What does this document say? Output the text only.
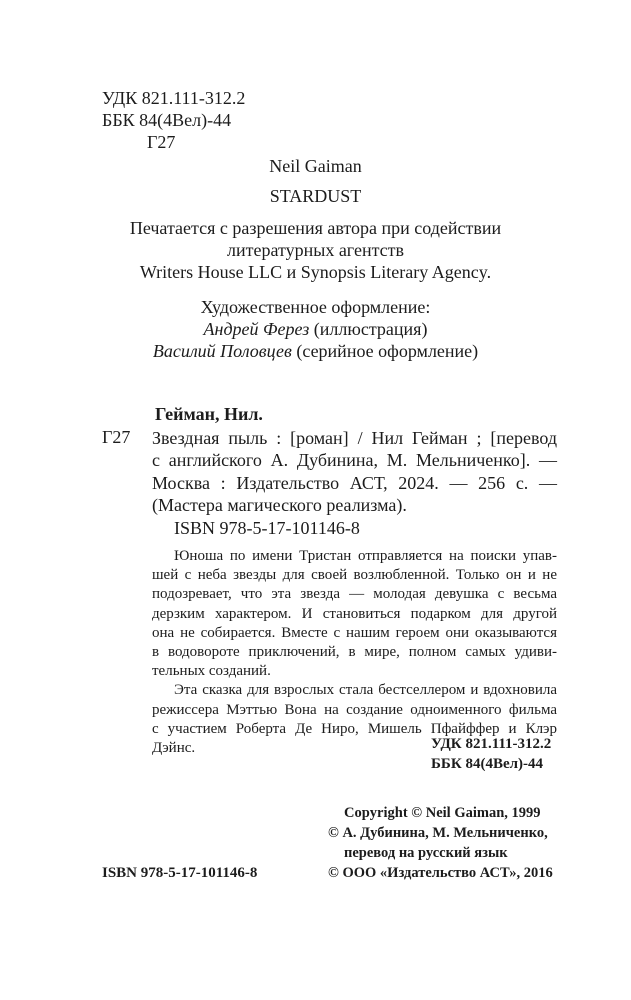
УДК 821.111-312.2
ББК 84(4Вел)-44
Г27
Neil Gaiman
STARDUST
Печатается с разрешения автора при содействии
литературных агентств
Writers House LLC и Synopsis Literary Agency.
Художественное оформление:
Андрей Ферез (иллюстрация)
Василий Половцев (серийное оформление)
Гейман, Нил.
Г27 Звездная пыль : [роман] / Нил Гейман ; [перевод
с английского А. Дубинина, М. Мельниченко]. —
Москва : Издательство АСТ, 2024. — 256 с. —
(Мастера магического реализма).
ISBN 978-5-17-101146-8
Юноша по имени Тристан отправляется на поиски упав-
шей с неба звезды для своей возлюбленной. Только он и не
подозревает, что эта звезда — молодая девушка с весьма
дерзким характером. И становиться подарком для другой
она не собирается. Вместе с нашим героем они оказываются
в водовороте приключений, в мире, полном самых удиви-
тельных созданий.
Эта сказка для взрослых стала бестселлером и вдохновила
режиссера Мэттью Вона на создание одноименного фильма
с участием Роберта Де Ниро, Мишель Пфайффер и Клэр
Дэйнс.	УДК 821.111-312.2
ББК 84(4Вел)-44
Copyright © Neil Gaiman, 1999
© А. Дубинина, М. Мельниченко,
перевод на русский язык
© ООО «Издательство АСТ», 2016
ISBN 978-5-17-101146-8
